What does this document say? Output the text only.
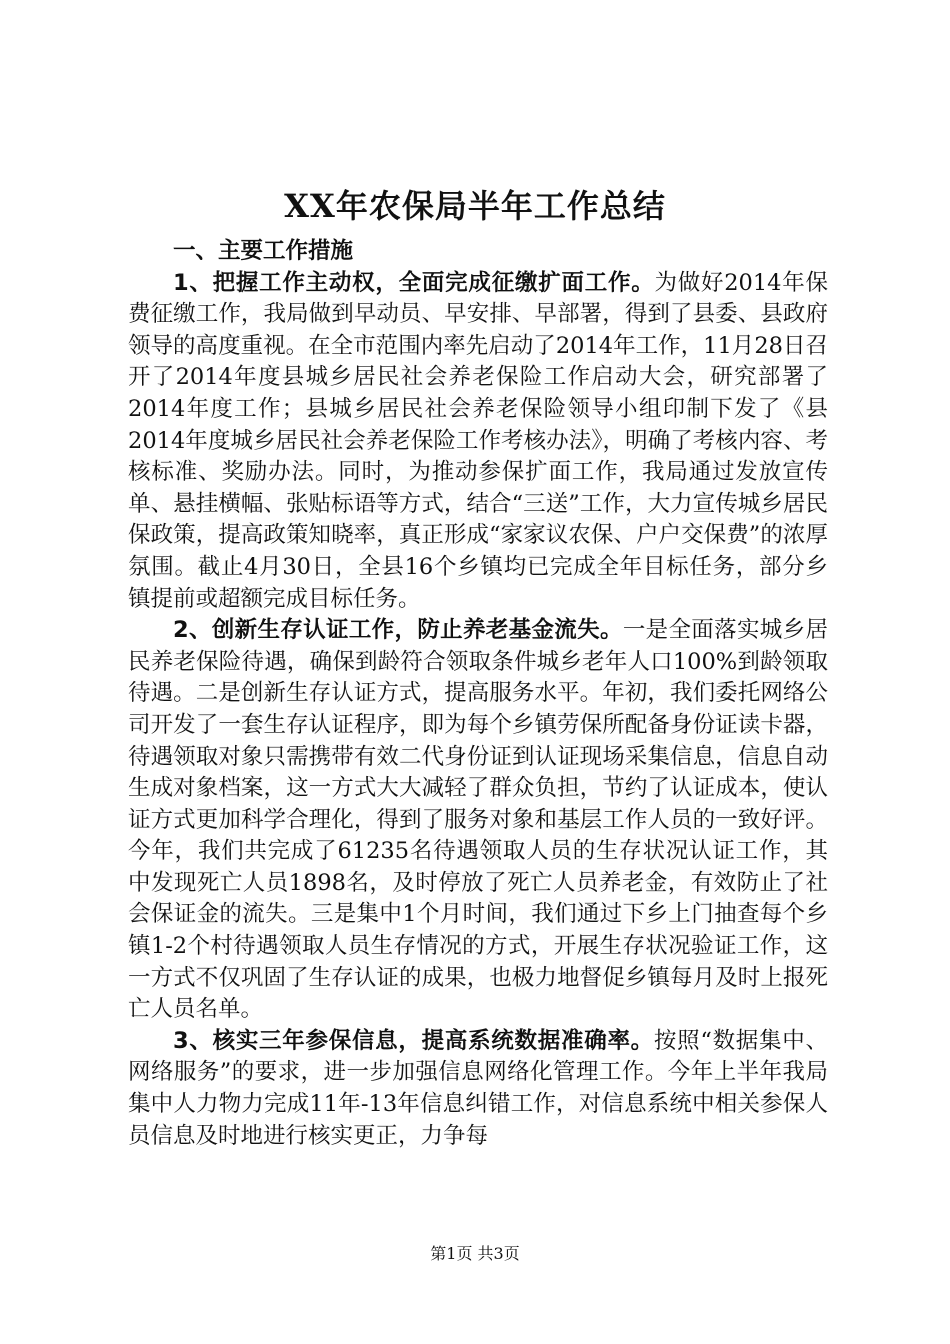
XX年农保局半年工作总结

一、主要工作措施

1、把握工作主动权，全面完成征缴扩面工作。为做好2014年保费征缴工作，我局做到早动员、早安排、早部署，得到了县委、县政府领导的高度重视。在全市范围内率先启动了2014年工作，11月28日召开了2014年度县城乡居民社会养老保险工作启动大会，研究部署了2014年度工作；县城乡居民社会养老保险领导小组印制下发了《县2014年度城乡居民社会养老保险工作考核办法》，明确了考核内容、考核标准、奖励办法。同时，为推动参保扩面工作，我局通过发放宣传单、悬挂横幅、张贴标语等方式，结合“三送”工作，大力宣传城乡居民保政策，提高政策知晓率，真正形成“家家议农保、户户交保费”的浓厚氛围。截止4月30日，全县16个乡镇均已完成全年目标任务，部分乡镇提前或超额完成目标任务。

2、创新生存认证工作，防止养老基金流失。一是全面落实城乡居民养老保险待遇，确保到龄符合领取条件城乡老年人口100%到龄领取待遇。二是创新生存认证方式，提高服务水平。年初，我们委托网络公司开发了一套生存认证程序，即为每个乡镇劳保所配备身份证读卡器，待遇领取对象只需携带有效二代身份证到认证现场采集信息，信息自动生成对象档案，这一方式大大减轻了群众负担，节约了认证成本，使认证方式更加科学合理化，得到了服务对象和基层工作人员的一致好评。今年，我们共完成了61235名待遇领取人员的生存状况认证工作，其中发现死亡人员1898名，及时停放了死亡人员养老金，有效防止了社会保证金的流失。三是集中1个月时间，我们通过下乡上门抽查每个乡镇1-2个村待遇领取人员生存情况的方式，开展生存状况验证工作，这一方式不仅巩固了生存认证的成果，也极力地督促乡镇每月及时上报死亡人员名单。

3、核实三年参保信息，提高系统数据准确率。按照“数据集中、网络服务”的要求，进一步加强信息网络化管理工作。今年上半年我局集中人力物力完成11年-13年信息纠错工作，对信息系统中相关参保人员信息及时地进行核实更正，力争每

第1页 共3页
